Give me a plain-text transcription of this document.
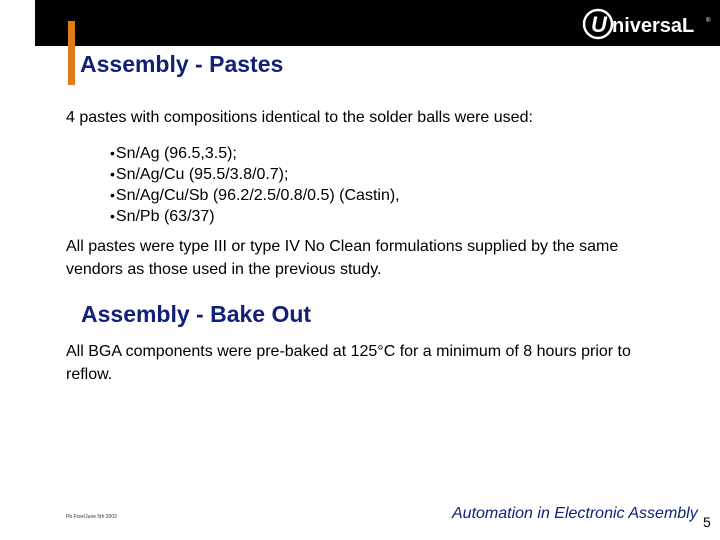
U niversaL ®
Assembly - Pastes
4 pastes with compositions identical to the solder balls were used:
•Sn/Ag (96.5,3.5);
•Sn/Ag/Cu (95.5/3.8/0.7);
•Sn/Ag/Cu/Sb (96.2/2.5/0.8/0.5) (Castin),
•Sn/Pb (63/37)
All pastes were type III or type IV No Clean formulations supplied by the same vendors as those used in the previous study.
Assembly - Bake Out
All BGA components were pre-baked at 125°C for a minimum of 8 hours prior to reflow.
Pb Free/June 5th 2002	Automation in Electronic Assembly 5
